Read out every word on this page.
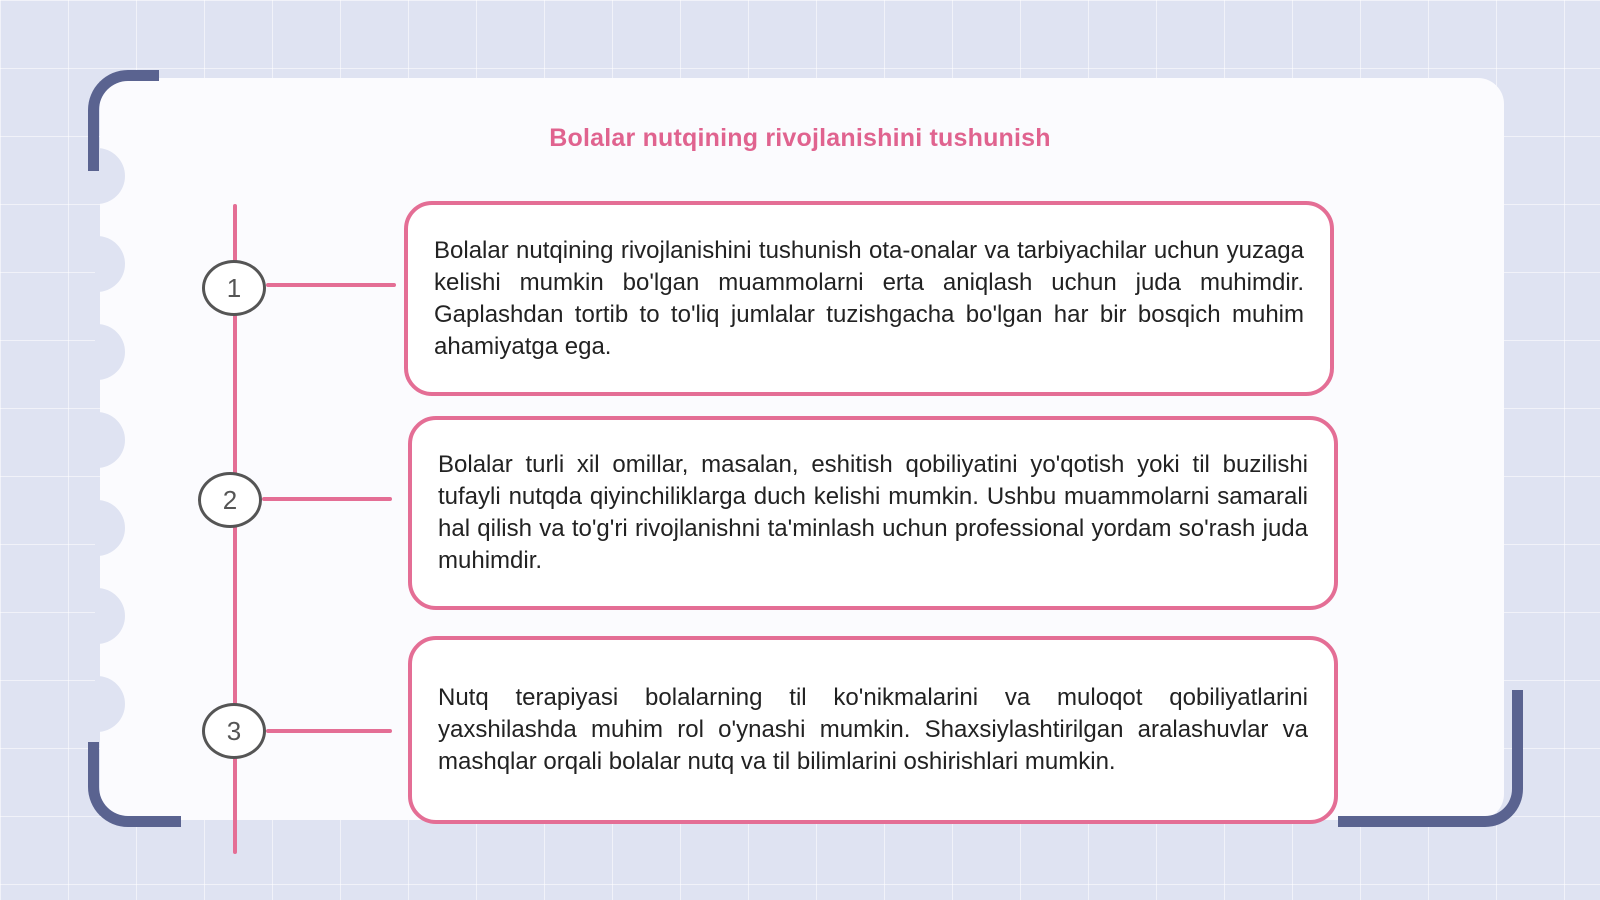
Bolalar nutqining rivojlanishini tushunish
1
2
3

Bolalar nutqining rivojlanishini tushunish ota-onalar va tarbiyachilar uchun yuzaga kelishi mumkin bo'lgan muammolarni erta aniqlash uchun juda muhimdir. Gaplashdan tortib to to'liq jumlalar tuzishgacha bo'lgan har bir bosqich muhim ahamiyatga ega.

Bolalar turli xil omillar, masalan, eshitish qobiliyatini yo'qotish yoki til buzilishi tufayli nutqda qiyinchiliklarga duch kelishi mumkin. Ushbu muammolarni samarali hal qilish va to'g'ri rivojlanishni ta'minlash uchun professional yordam so'rash juda muhimdir.

Nutq terapiyasi bolalarning til ko'nikmalarini va muloqot qobiliyatlarini yaxshilashda muhim rol o'ynashi mumkin. Shaxsiylashtirilgan aralashuvlar va mashqlar orqali bolalar nutq va til bilimlarini oshirishlari mumkin.
